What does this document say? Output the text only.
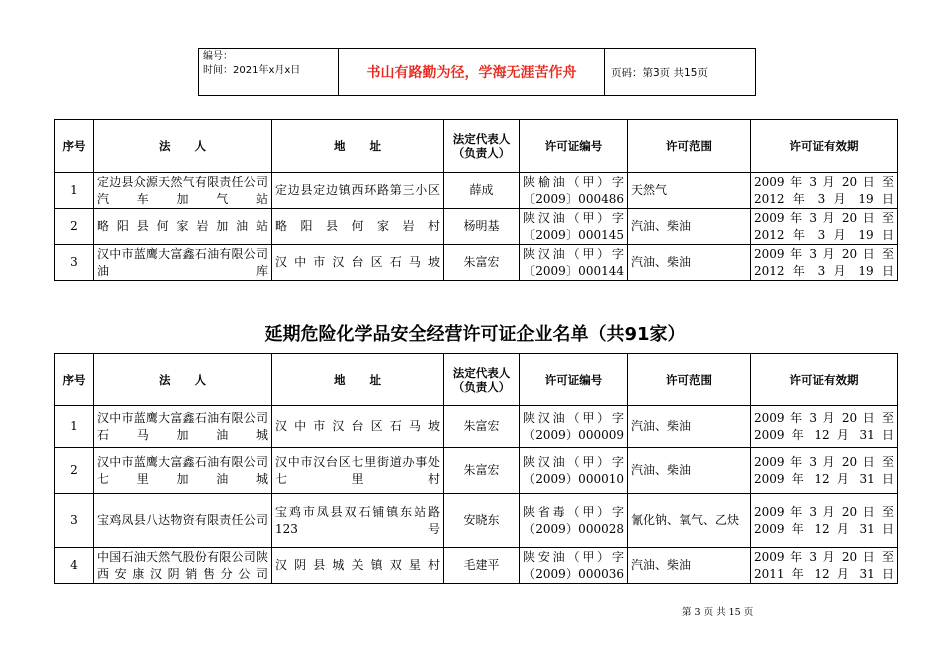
编号：
时间：2021年x月x日	书山有路勤为径，学海无涯苦作舟	页码：第3页 共15页
序号	法      人	地      址	法定代表人（负责人）	许可证编号	许可范围	许可证有效期
1	定边县众源天然气有限责任公司汽车加气站	定边县定边镇西环路第三小区	薛成	陕榆油（甲）字〔2009〕000486	天然气	2009 年 3 月 20 日 至 2012 年 3 月 19 日
2	略阳县何家岩加油站	略阳县何家岩村	杨明基	陕汉油（甲）字〔2009〕000145	汽油、柴油	2009 年 3 月 20 日 至 2012 年 3 月 19 日
3	汉中市蓝鹰大富鑫石油有限公司油库	汉中市汉台区石马坡	朱富宏	陕汉油（甲）字〔2009〕000144	汽油、柴油	2009 年 3 月 20 日 至 2012 年 3 月 19 日
延期危险化学品安全经营许可证企业名单（共91家）
序号	法      人	地      址	法定代表人（负责人）	许可证编号	许可范围	许可证有效期
1	汉中市蓝鹰大富鑫石油有限公司石马加油城	汉中市汉台区石马坡	朱富宏	陕汉油（甲）字（2009）000009	汽油、柴油	2009 年 3 月 20 日 至 2009 年 12 月 31 日
2	汉中市蓝鹰大富鑫石油有限公司七里加油城	汉中市汉台区七里街道办事处七里村	朱富宏	陕汉油（甲）字（2009）000010	汽油、柴油	2009 年 3 月 20 日 至 2009 年 12 月 31 日
3	宝鸡凤县八达物资有限责任公司	宝鸡市凤县双石铺镇东站路123号	安晓东	陕省毒（甲）字（2009）000028	氰化钠、氧气、乙炔	2009 年 3 月 20 日 至 2009 年 12 月 31 日
4	中国石油天然气股份有限公司陕西安康汉阴销售分公司	汉阴县城关镇双星村	毛建平	陕安油（甲）字（2009）000036	汽油、柴油	2009 年 3 月 20 日 至 2011 年 12 月 31 日
第 3 页 共 15 页
